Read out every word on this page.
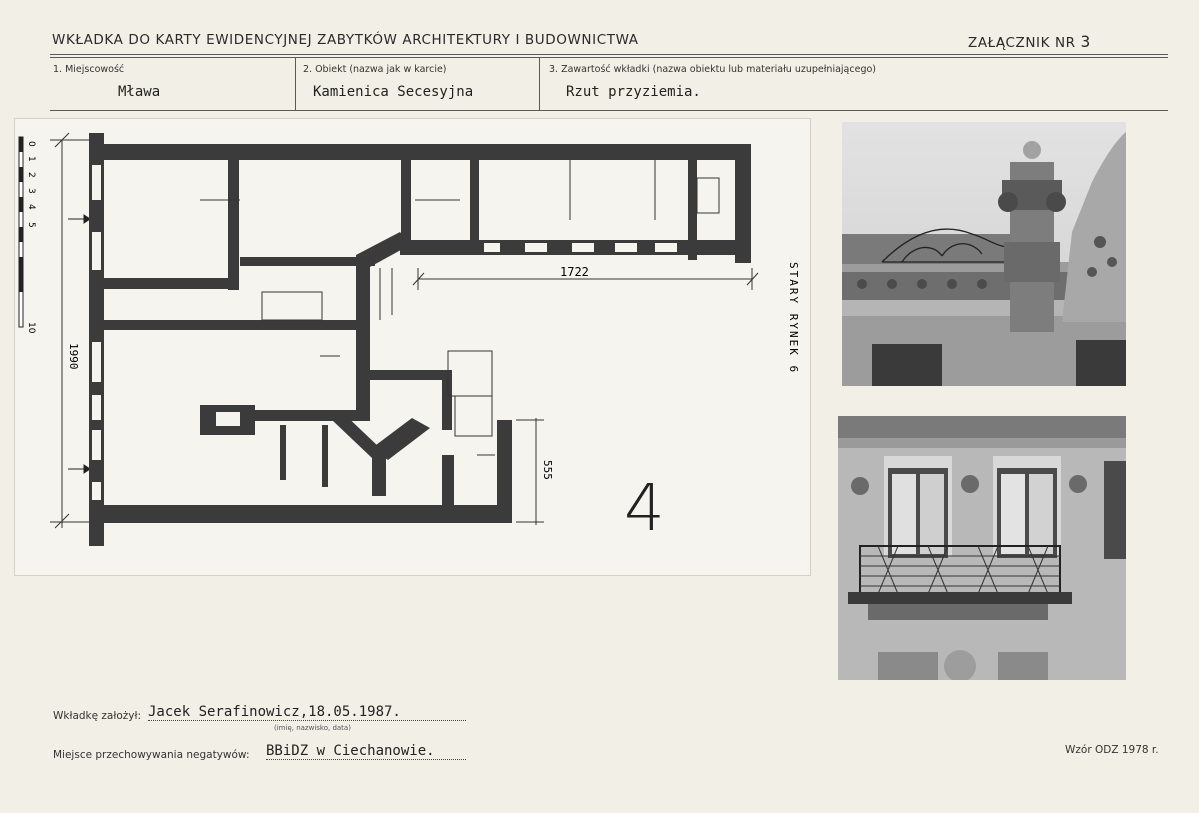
WKŁADKA DO KARTY EWIDENCYJNEJ ZABYTKÓW ARCHITEKTURY I BUDOWNICTWA	ZAŁĄCZNIK NR 3
1. Miejscowość
Mława
2. Obiekt (nazwa jak w karcie)
Kamienica Secesyjna
3. Zawartość wkładki (nazwa obiektu lub materiału uzupełniającego)
Rzut przyziemia.
0
1
2
3
4
5
10
1990
1722
555
STARY RYNEK 6
4
Wkładkę założył: Jacek Serafinowicz,18.05.1987.
(imię, nazwisko, data)
Miejsce przechowywania negatywów: BBiDZ w Ciechanowie.	Wzór ODZ 1978 r.
